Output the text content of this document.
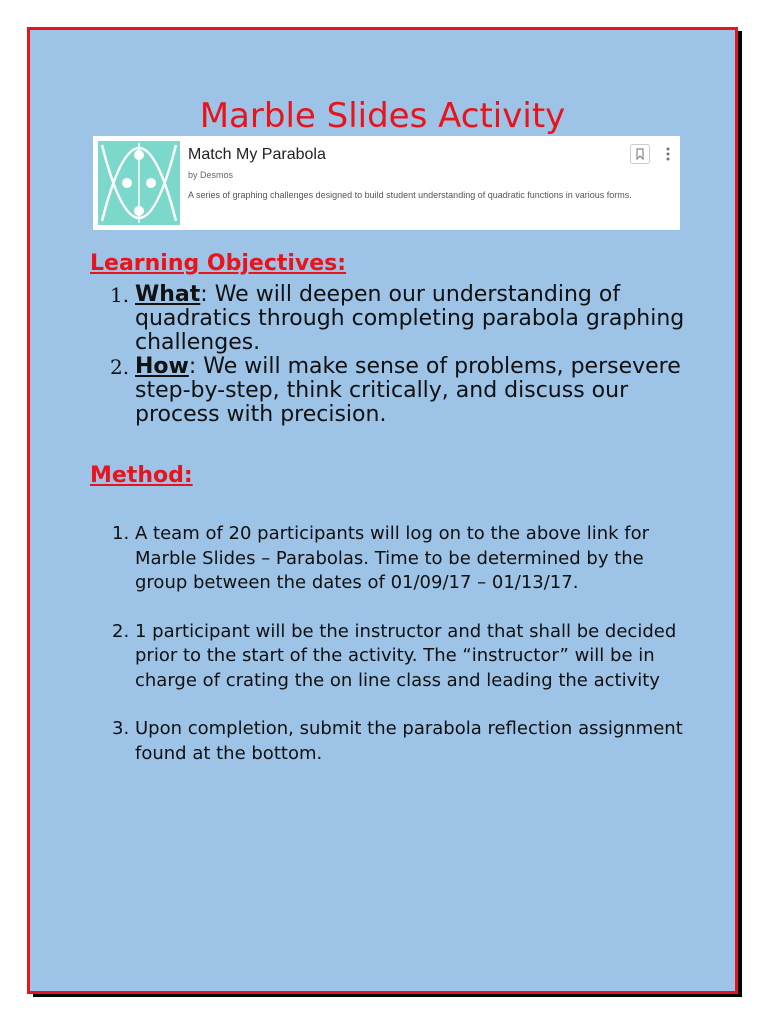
Marble Slides Activity
Match My Parabola
by Desmos
A series of graphing challenges designed to build student understanding of quadratic functions in various forms.
Learning Objectives:
1. What: We will deepen our understanding of quadratics through completing parabola graphing challenges.
2. How: We will make sense of problems, persevere step-by-step, think critically, and discuss our process with precision.
Method:
1. A team of 20 participants will log on to the above link for Marble Slides – Parabolas. Time to be determined by the group between the dates of 01/09/17 – 01/13/17.
2. 1 participant will be the instructor and that shall be decided prior to the start of the activity. The “instructor” will be in charge of crating the on line class and leading the activity
3. Upon completion, submit the parabola reflection assignment found at the bottom.
